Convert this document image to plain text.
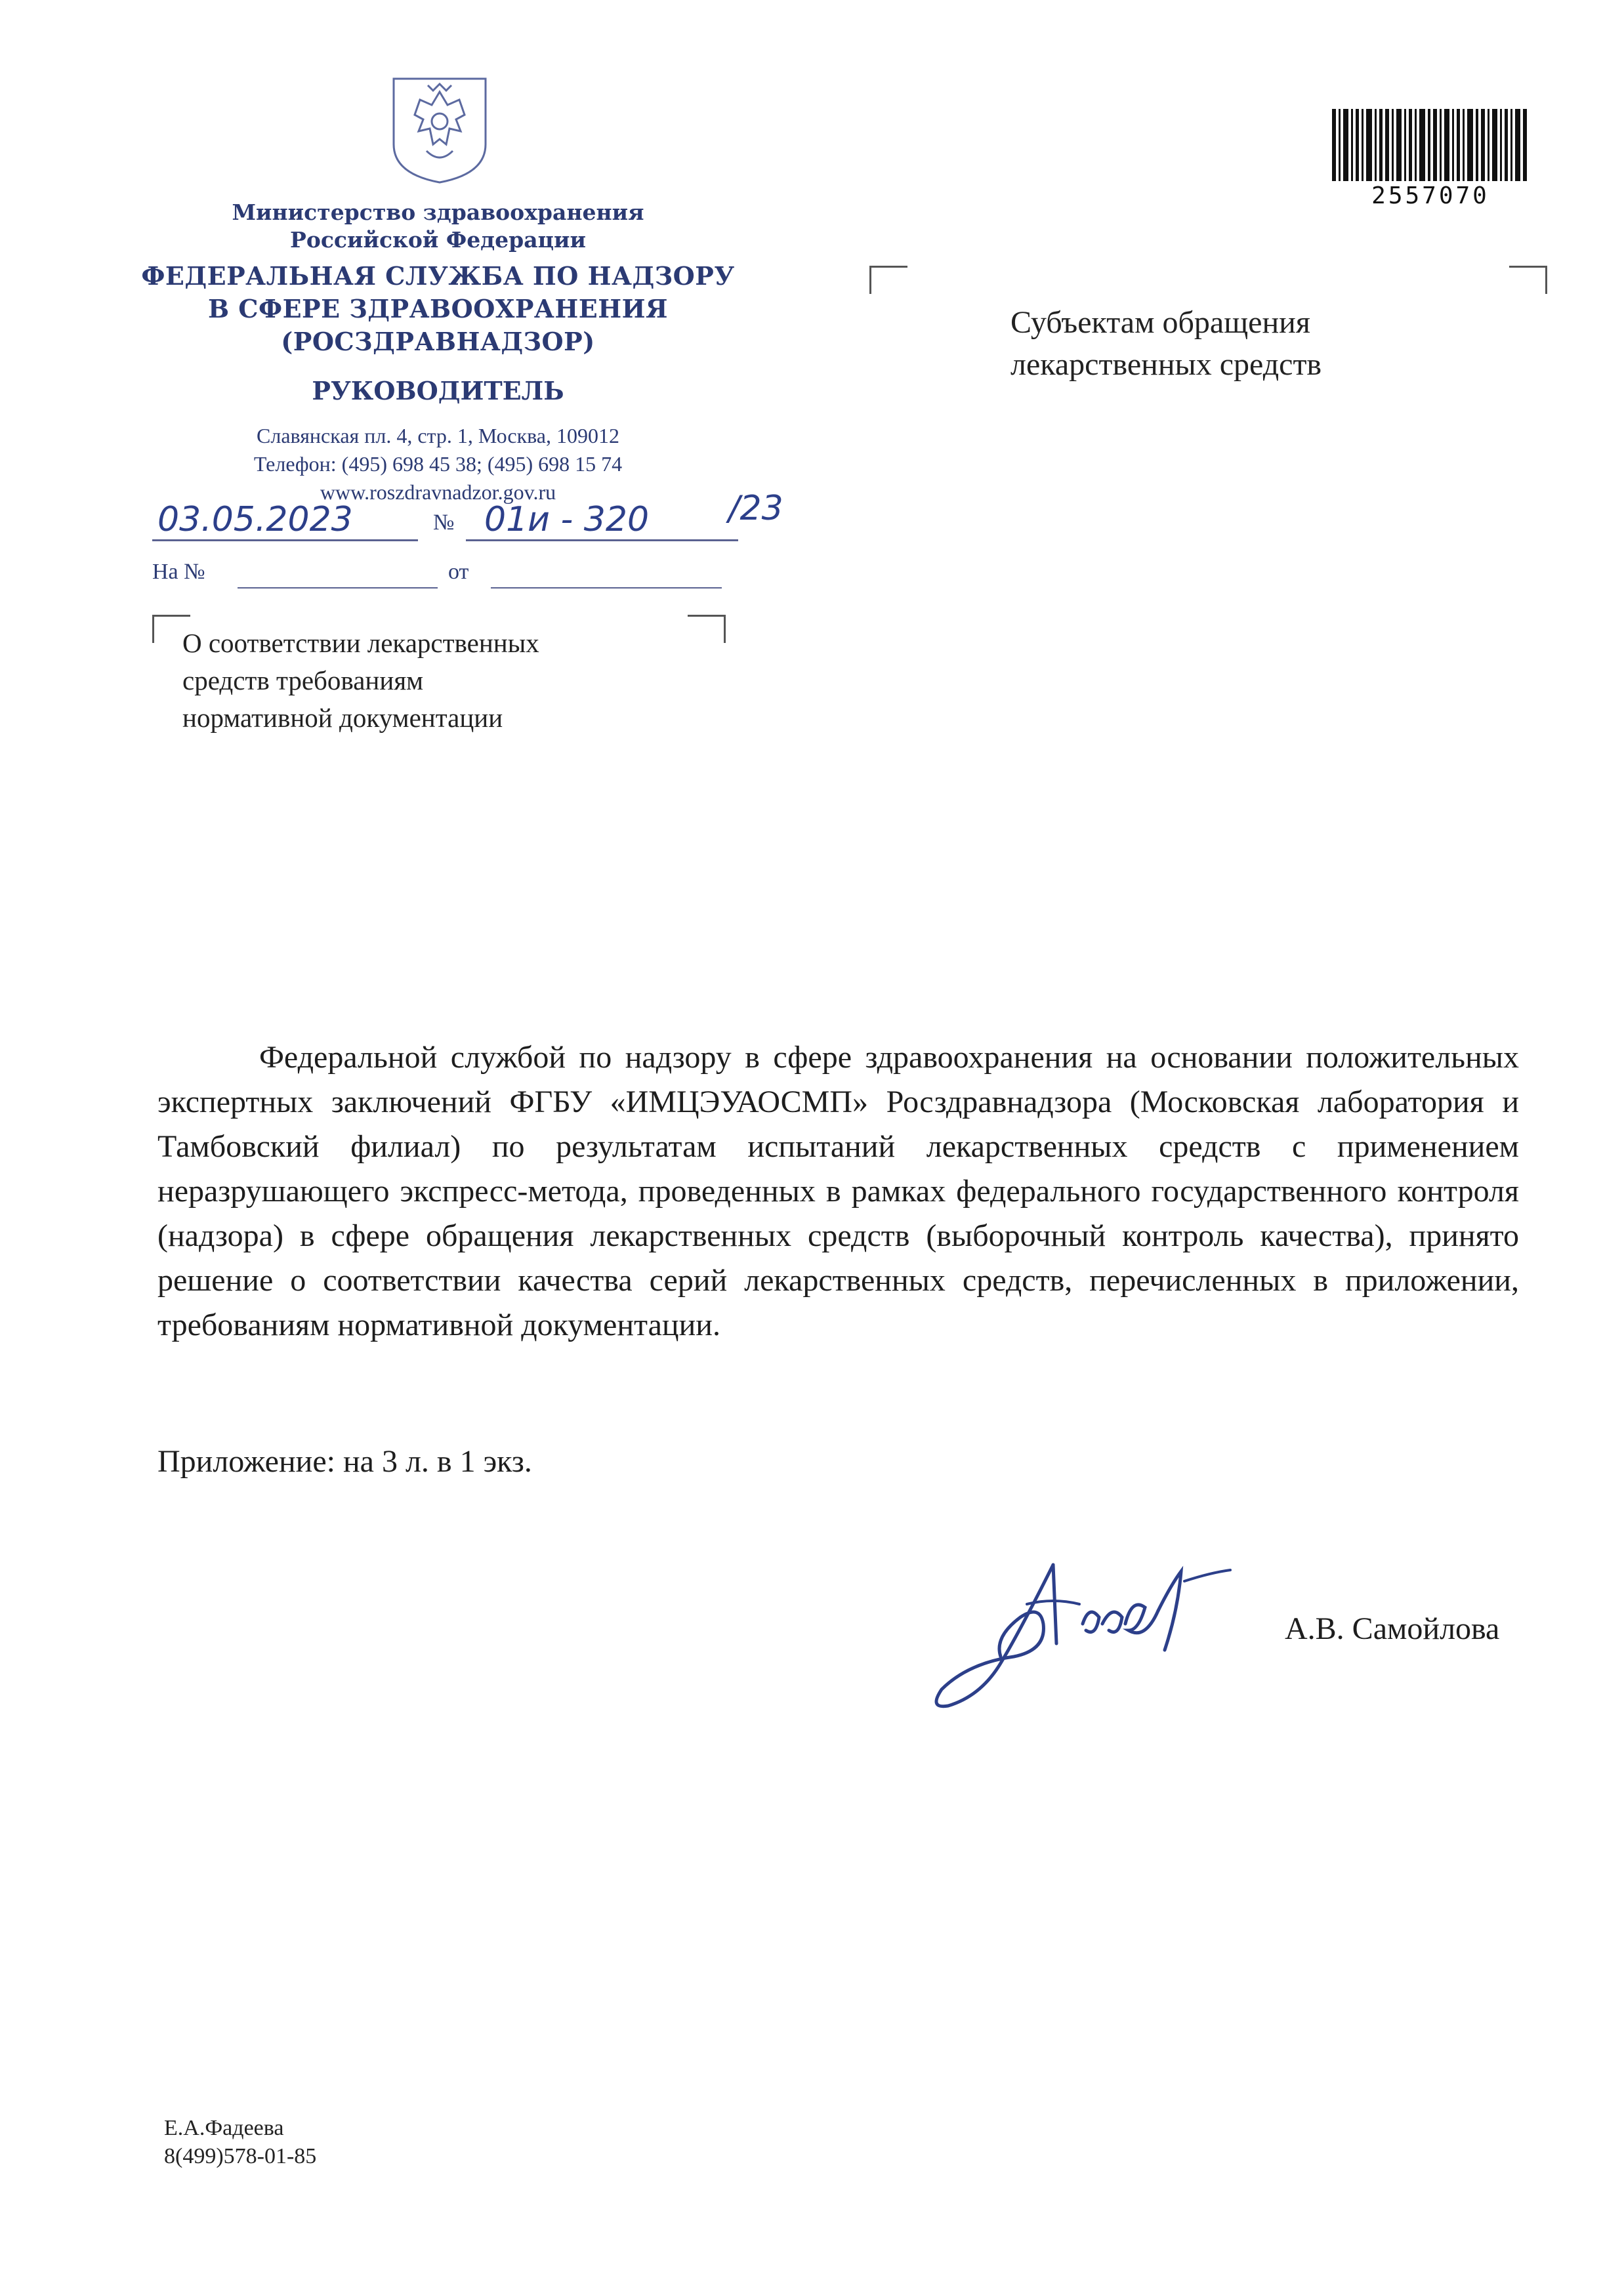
Министерство здравоохранения
Российской Федерации
ФЕДЕРАЛЬНАЯ СЛУЖБА ПО НАДЗОРУ
В СФЕРЕ ЗДРАВООХРАНЕНИЯ
(РОСЗДРАВНАДЗОР)
РУКОВОДИТЕЛЬ
Славянская пл. 4, стр. 1, Москва, 109012
Телефон: (495) 698 45 38; (495) 698 15 74
www.roszdravnadzor.gov.ru
03.05.2023	№ 01и - 320 /23
На №	от
О соответствии лекарственных
средств требованиям
нормативной документации
2557070
Субъектам обращения
лекарственных средств
Федеральной службой по надзору в сфере здравоохранения на основании положительных экспертных заключений ФГБУ «ИМЦЭУАОСМП» Росздравнадзора (Московская лаборатория и Тамбовский филиал) по результатам испытаний лекарственных средств с применением неразрушающего экспресс-метода, проведенных в рамках федерального государственного контроля (надзора) в сфере обращения лекарственных средств (выборочный контроль качества), принято решение о соответствии качества серий лекарственных средств, перечисленных в приложении, требованиям нормативной документации.
Приложение: на 3 л. в 1 экз.
А.В. Самойлова
Е.А.Фадеева
8(499)578-01-85
